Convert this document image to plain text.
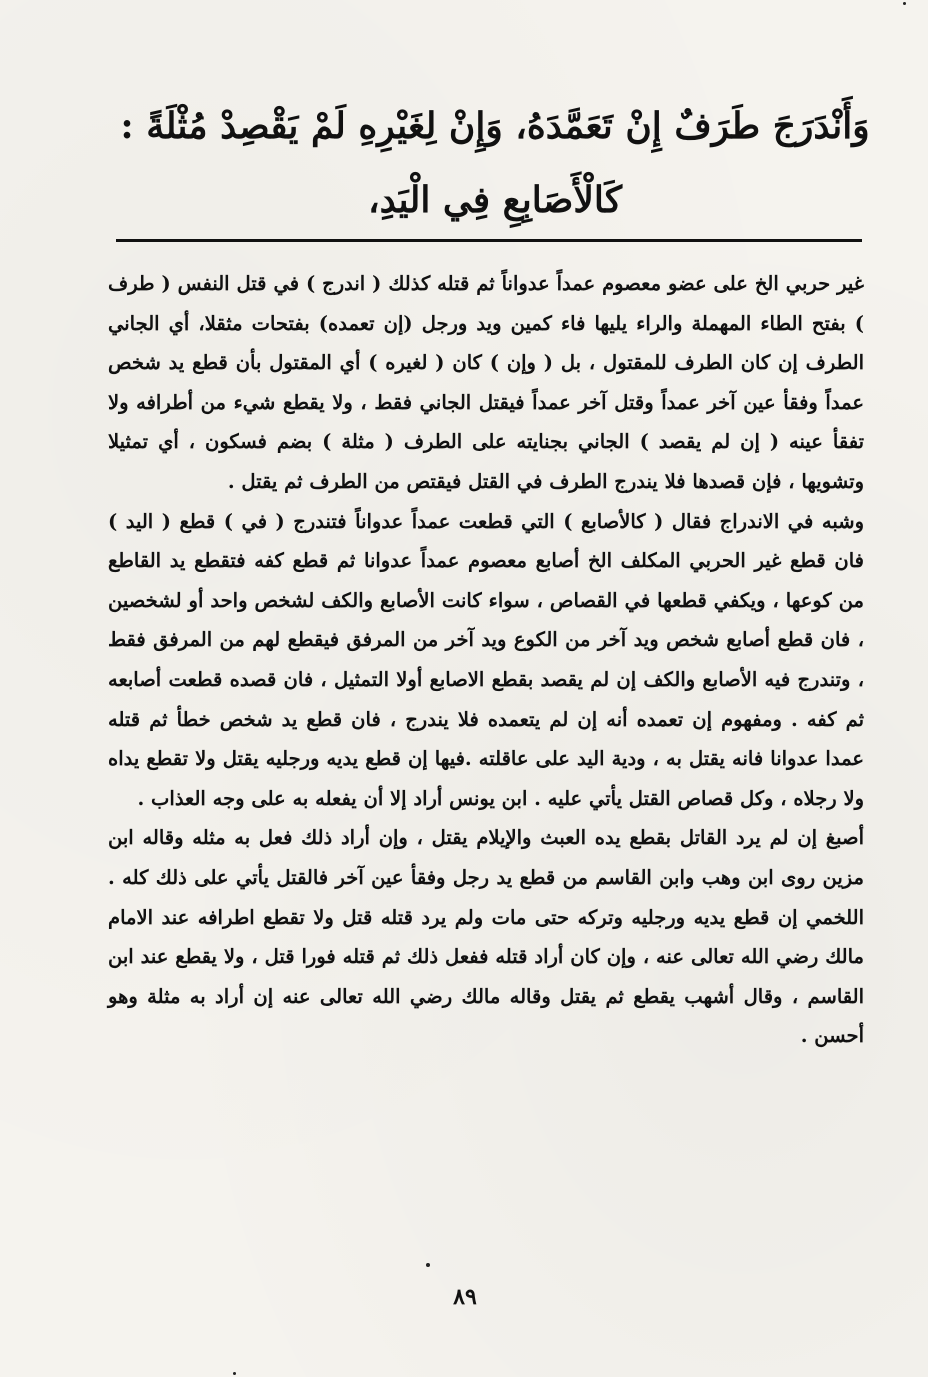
وَأَنْدَرَجَ طَرَفٌ إِنْ تَعَمَّدَهُ، وَإِنْ لِغَيْرِهِ لَمْ يَقْصِدْ مُثْلَةً :
كَالْأَصَابِعِ فِي الْيَدِ،

غير حربي الخ على عضو معصوم عمداً عدواناً ثم قتله كذلك ( اندرج ) في قتل النفس ( طرف ) بفتح الطاء المهملة والراء يليها فاء كمين ويد ورجل (إن تعمده) بفتحات مثقلا، أي الجاني الطرف إن كان الطرف للمقتول ، بل ( وإن ) كان ( لغيره ) أي المقتول بأن قطع يد شخص عمداً وفقأ عين آخر عمداً وقتل آخر عمداً فيقتل الجاني فقط ، ولا يقطع شيء من أطرافه ولا تفقأ عينه ( إن لم يقصد ) الجاني بجنايته على الطرف ( مثلة ) بضم فسكون ، أي تمثيلا وتشويها ، فإن قصدها فلا يندرج الطرف في القتل فيقتص من الطرف ثم يقتل .

وشبه في الاندراج فقال ( كالأصابع ) التي قطعت عمداً عدواناً فتندرج ( في ) قطع ( اليد ) فان قطع غير الحربي المكلف الخ أصابع معصوم عمداً عدوانا ثم قطع كفه فتقطع يد القاطع من كوعها ، ويكفي قطعها في القصاص ، سواء كانت الأصابع والكف لشخص واحد أو لشخصين ، فان قطع أصابع شخص ويد آخر من الكوع ويد آخر من المرفق فيقطع لهم من المرفق فقط ، وتندرج فيه الأصابع والكف إن لم يقصد بقطع الاصابع أولا التمثيل ، فان قصده قطعت أصابعه ثم كفه . ومفهوم إن تعمده أنه إن لم يتعمده فلا يندرج ، فان قطع يد شخص خطأ ثم قتله عمدا عدوانا فانه يقتل به ، ودية اليد على عاقلته .فيها إن قطع يديه ورجليه يقتل ولا تقطع يداه ولا رجلاه ، وكل قصاص القتل يأتي عليه . ابن يونس أراد إلا أن يفعله به على وجه العذاب .

أصبغ إن لم يرد القاتل بقطع يده العبث والإيلام يقتل ، وإن أراد ذلك فعل به مثله وقاله ابن مزين روى ابن وهب وابن القاسم من قطع يد رجل وفقأ عين آخر فالقتل يأتي على ذلك كله . اللخمي إن قطع يديه ورجليه وتركه حتى مات ولم يرد قتله قتل ولا تقطع اطرافه عند الامام مالك رضي الله تعالى عنه ، وإن كان أراد قتله ففعل ذلك ثم قتله فورا قتل ، ولا يقطع عند ابن القاسم ، وقال أشهب يقطع ثم يقتل وقاله مالك رضي الله تعالى عنه إن أراد به مثلة وهو أحسن .

٨٩
